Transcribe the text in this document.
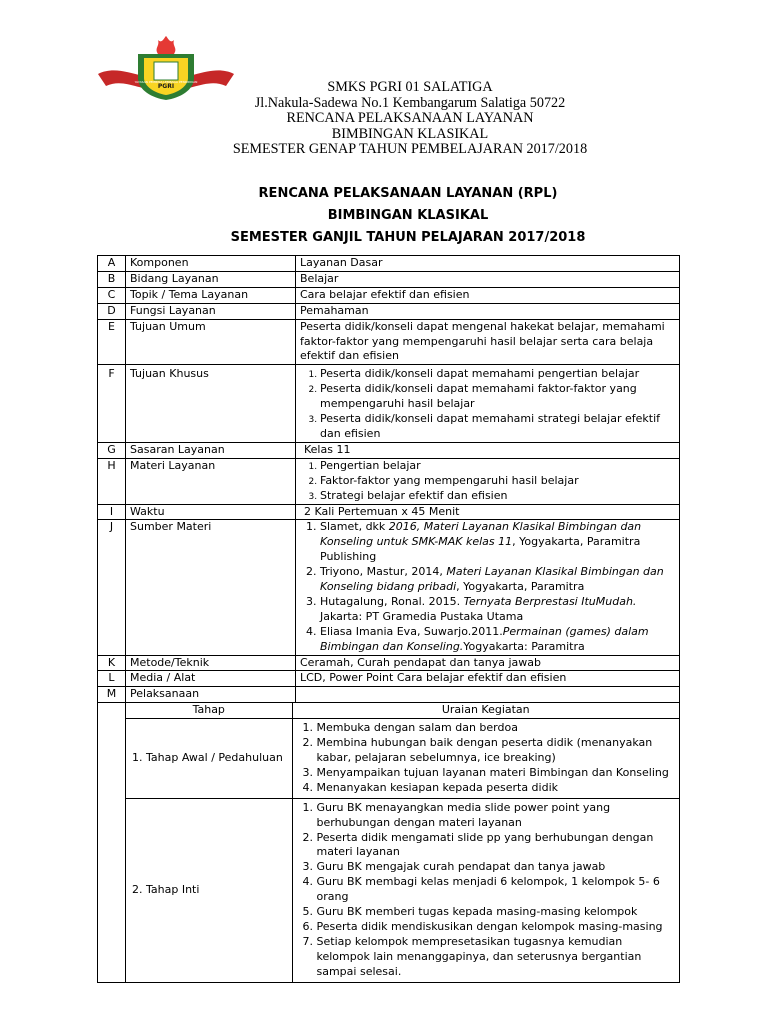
PGRI
YAYASAN PEMBINA LEMBAGA PENDIDIKAN	SMKS PGRI 01 SALATIGA
Jl.Nakula-Sadewa No.1 Kembangarum Salatiga 50722
RENCANA PELAKSANAAN LAYANAN
BIMBINGAN KLASIKAL
SEMESTER GENAP TAHUN PEMBELAJARAN 2017/2018
RENCANA PELAKSANAAN LAYANAN (RPL)
BIMBINGAN KLASIKAL
SEMESTER GANJIL TAHUN PELAJARAN 2017/2018
A	Komponen	Layanan Dasar
B	Bidang Layanan	Belajar
C	Topik / Tema Layanan	Cara belajar efektif dan efisien
D	Fungsi Layanan	Pemahaman
E	Tujuan Umum	Peserta didik/konseli dapat mengenal hakekat belajar, memahami faktor-faktor yang mempengaruhi hasil belajar serta cara belaja efektif dan efisien
F	Tujuan Khusus	
1.Peserta didik/konseli dapat memahami pengertian belajar
2. Peserta didik/konseli dapat memahami faktor-faktor yang mempengaruhi hasil belajar
3. Peserta didik/konseli dapat memahami strategi belajar efektif dan efisien

G	Sasaran Layanan	Kelas 11
H	Materi Layanan	
1.Pengertian belajar
2. Faktor-faktor yang mempengaruhi hasil belajar
3. Strategi belajar efektif dan efisien

I	Waktu	2 Kali Pertemuan x 45 Menit
J	Sumber Materi	
1.Slamet, dkk 2016, Materi Layanan Klasikal Bimbingan dan Konseling untuk SMK-MAK kelas 11, Yogyakarta, Paramitra Publishing
2. Triyono, Mastur, 2014, Materi Layanan Klasikal Bimbingan dan Konseling bidang pribadi, Yogyakarta, Paramitra
3. Hutagalung, Ronal. 2015. Ternyata Berprestasi ItuMudah. Jakarta: PT Gramedia Pustaka Utama
4. Eliasa Imania Eva, Suwarjo.2011.Permainan (games) dalam Bimbingan dan Konseling.Yogyakarta: Paramitra

K	Metode/Teknik	Ceramah, Curah pendapat dan tanya jawab
L	Media / Alat	LCD, Power Point Cara belajar efektif dan efisien
M	Pelaksanaan	

Tahap	Uraian Kegiatan
1. Tahap Awal / Pedahuluan	
1. Membuka dengan salam dan berdoa
2. Membina hubungan baik dengan peserta didik (menanyakan kabar, pelajaran sebelumnya, ice breaking)
3. Menyampaikan tujuan layanan materi Bimbingan dan Konseling
4. Menanyakan kesiapan kepada peserta didik

2. Tahap Inti	
1. Guru BK menayangkan media slide power point yang berhubungan dengan materi layanan
2. Peserta didik mengamati slide pp yang berhubungan dengan materi layanan
3. Guru BK mengajak curah pendapat dan tanya jawab
4. Guru BK membagi kelas menjadi 6 kelompok, 1 kelompok 5- 6 orang
5. Guru BK memberi tugas kepada masing-masing kelompok
6. Peserta didik mendiskusikan dengan kelompok masing-masing
7. Setiap kelompok mempresetasikan tugasnya kemudian kelompok lain menanggapinya, dan seterusnya bergantian sampai selesai.
